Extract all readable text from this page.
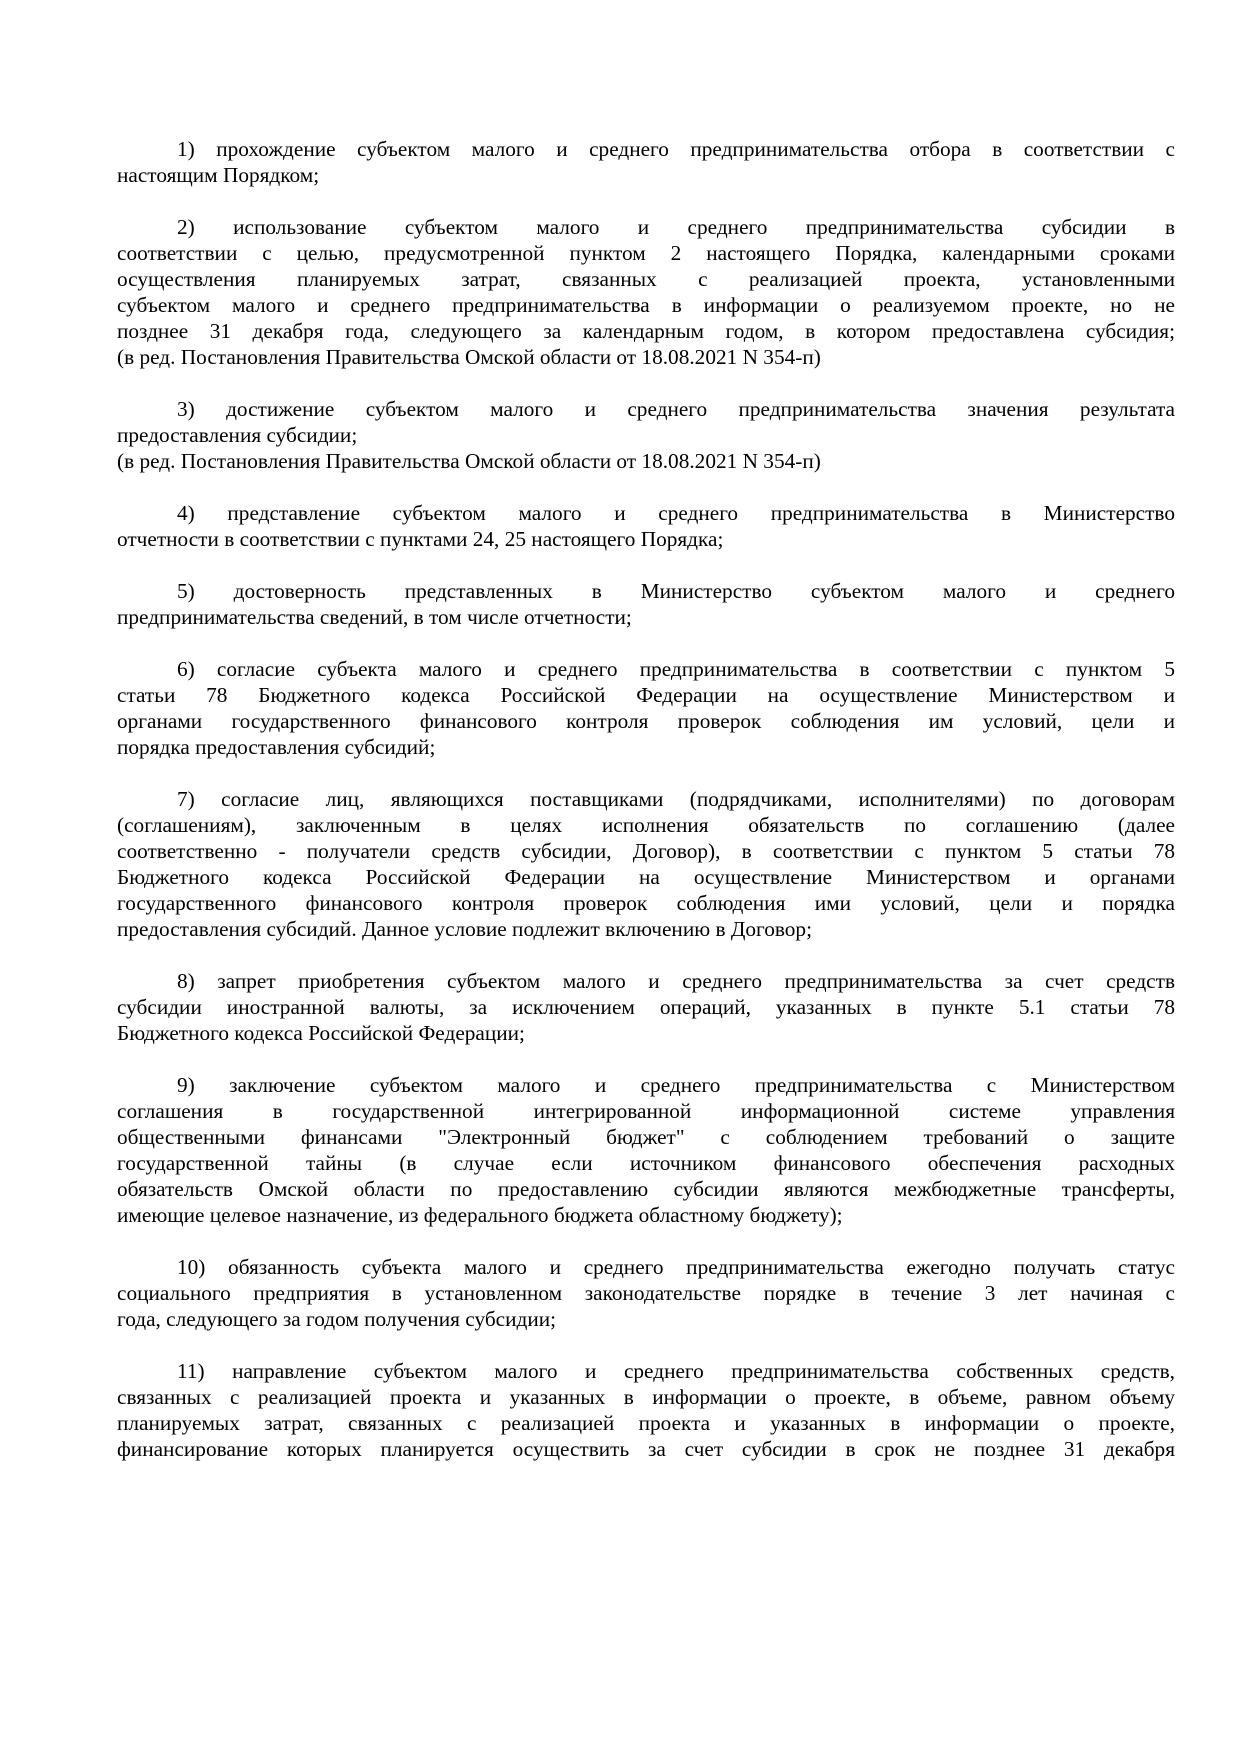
1) прохождение субъектом малого и среднего предпринимательства отбора в соответствии с
настоящим Порядком;
2) использование субъектом малого и среднего предпринимательства субсидии в
соответствии с целью, предусмотренной пунктом 2 настоящего Порядка, календарными сроками
осуществления планируемых затрат, связанных с реализацией проекта, установленными
субъектом малого и среднего предпринимательства в информации о реализуемом проекте, но не
позднее 31 декабря года, следующего за календарным годом, в котором предоставлена субсидия;
(в ред. Постановления Правительства Омской области от 18.08.2021 N 354-п)
3) достижение субъектом малого и среднего предпринимательства значения результата
предоставления субсидии;
(в ред. Постановления Правительства Омской области от 18.08.2021 N 354-п)
4) представление субъектом малого и среднего предпринимательства в Министерство
отчетности в соответствии с пунктами 24, 25 настоящего Порядка;
5) достоверность представленных в Министерство субъектом малого и среднего
предпринимательства сведений, в том числе отчетности;
6) согласие субъекта малого и среднего предпринимательства в соответствии с пунктом 5
статьи 78 Бюджетного кодекса Российской Федерации на осуществление Министерством и
органами государственного финансового контроля проверок соблюдения им условий, цели и
порядка предоставления субсидий;
7) согласие лиц, являющихся поставщиками (подрядчиками, исполнителями) по договорам
(соглашениям), заключенным в целях исполнения обязательств по соглашению (далее
соответственно - получатели средств субсидии, Договор), в соответствии с пунктом 5 статьи 78
Бюджетного кодекса Российской Федерации на осуществление Министерством и органами
государственного финансового контроля проверок соблюдения ими условий, цели и порядка
предоставления субсидий. Данное условие подлежит включению в Договор;
8) запрет приобретения субъектом малого и среднего предпринимательства за счет средств
субсидии иностранной валюты, за исключением операций, указанных в пункте 5.1 статьи 78
Бюджетного кодекса Российской Федерации;
9) заключение субъектом малого и среднего предпринимательства с Министерством
соглашения в государственной интегрированной информационной системе управления
общественными финансами "Электронный бюджет" с соблюдением требований о защите
государственной тайны (в случае если источником финансового обеспечения расходных
обязательств Омской области по предоставлению субсидии являются межбюджетные трансферты,
имеющие целевое назначение, из федерального бюджета областному бюджету);
10) обязанность субъекта малого и среднего предпринимательства ежегодно получать статус
социального предприятия в установленном законодательстве порядке в течение 3 лет начиная с
года, следующего за годом получения субсидии;
11) направление субъектом малого и среднего предпринимательства собственных средств,
связанных с реализацией проекта и указанных в информации о проекте, в объеме, равном объему
планируемых затрат, связанных с реализацией проекта и указанных в информации о проекте,
финансирование которых планируется осуществить за счет субсидии в срок не позднее 31 декабря
